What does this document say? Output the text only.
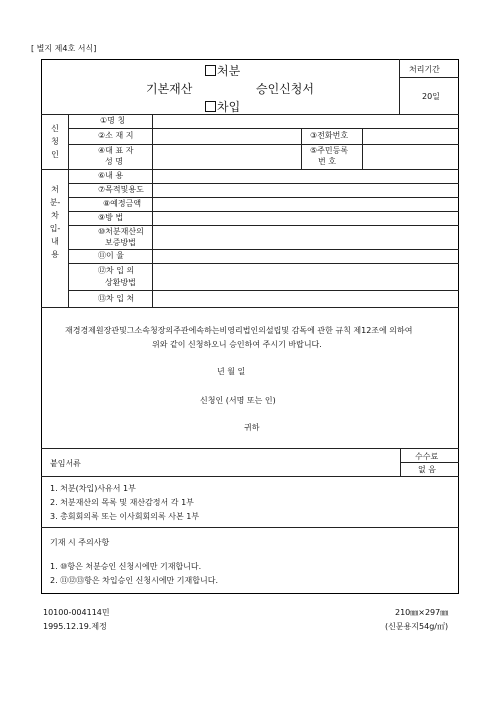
[ 별지 제4호 서식]
처리기간
20일
처분
기본재산	승인신청서
차입
신청인
①명 칭
②소 재 지	③전화번호
④대 표 자
성 명
⑤주민등록
번 호
처분-차입-내용
⑥내 용
⑦목적및용도
⑧예정금액
⑨방 법
⑩처분재산의
보증방법
⑪이 율
⑫차 입 의
상환방법
⑬차 입 처
재경경제원장관및그소속청장의주관에속하는비영리법인의설립및 감독에 관한 규칙 제12조에 의하여
위와 같이 신청하오니 승인하여 주시기 바랍니다.
년 월 일
신청인 (서명 또는 인)
귀하
붙임서류
수수료
없 음
1. 처분(차입)사유서 1부
2. 처분재산의 목록 및 재산감정서 각 1부
3. 총회회의록 또는 이사회회의록 사본 1부
기재 시 주의사항
1. ⑩항은 처분승인 신청시에만 기재합니다.
2. ⑪⑫⑬항은 차입승인 신청시에만 기재합니다.
10100-004114민
1995.12.19.제정
210㎜×297㎜
(신문용지54g/㎡)
